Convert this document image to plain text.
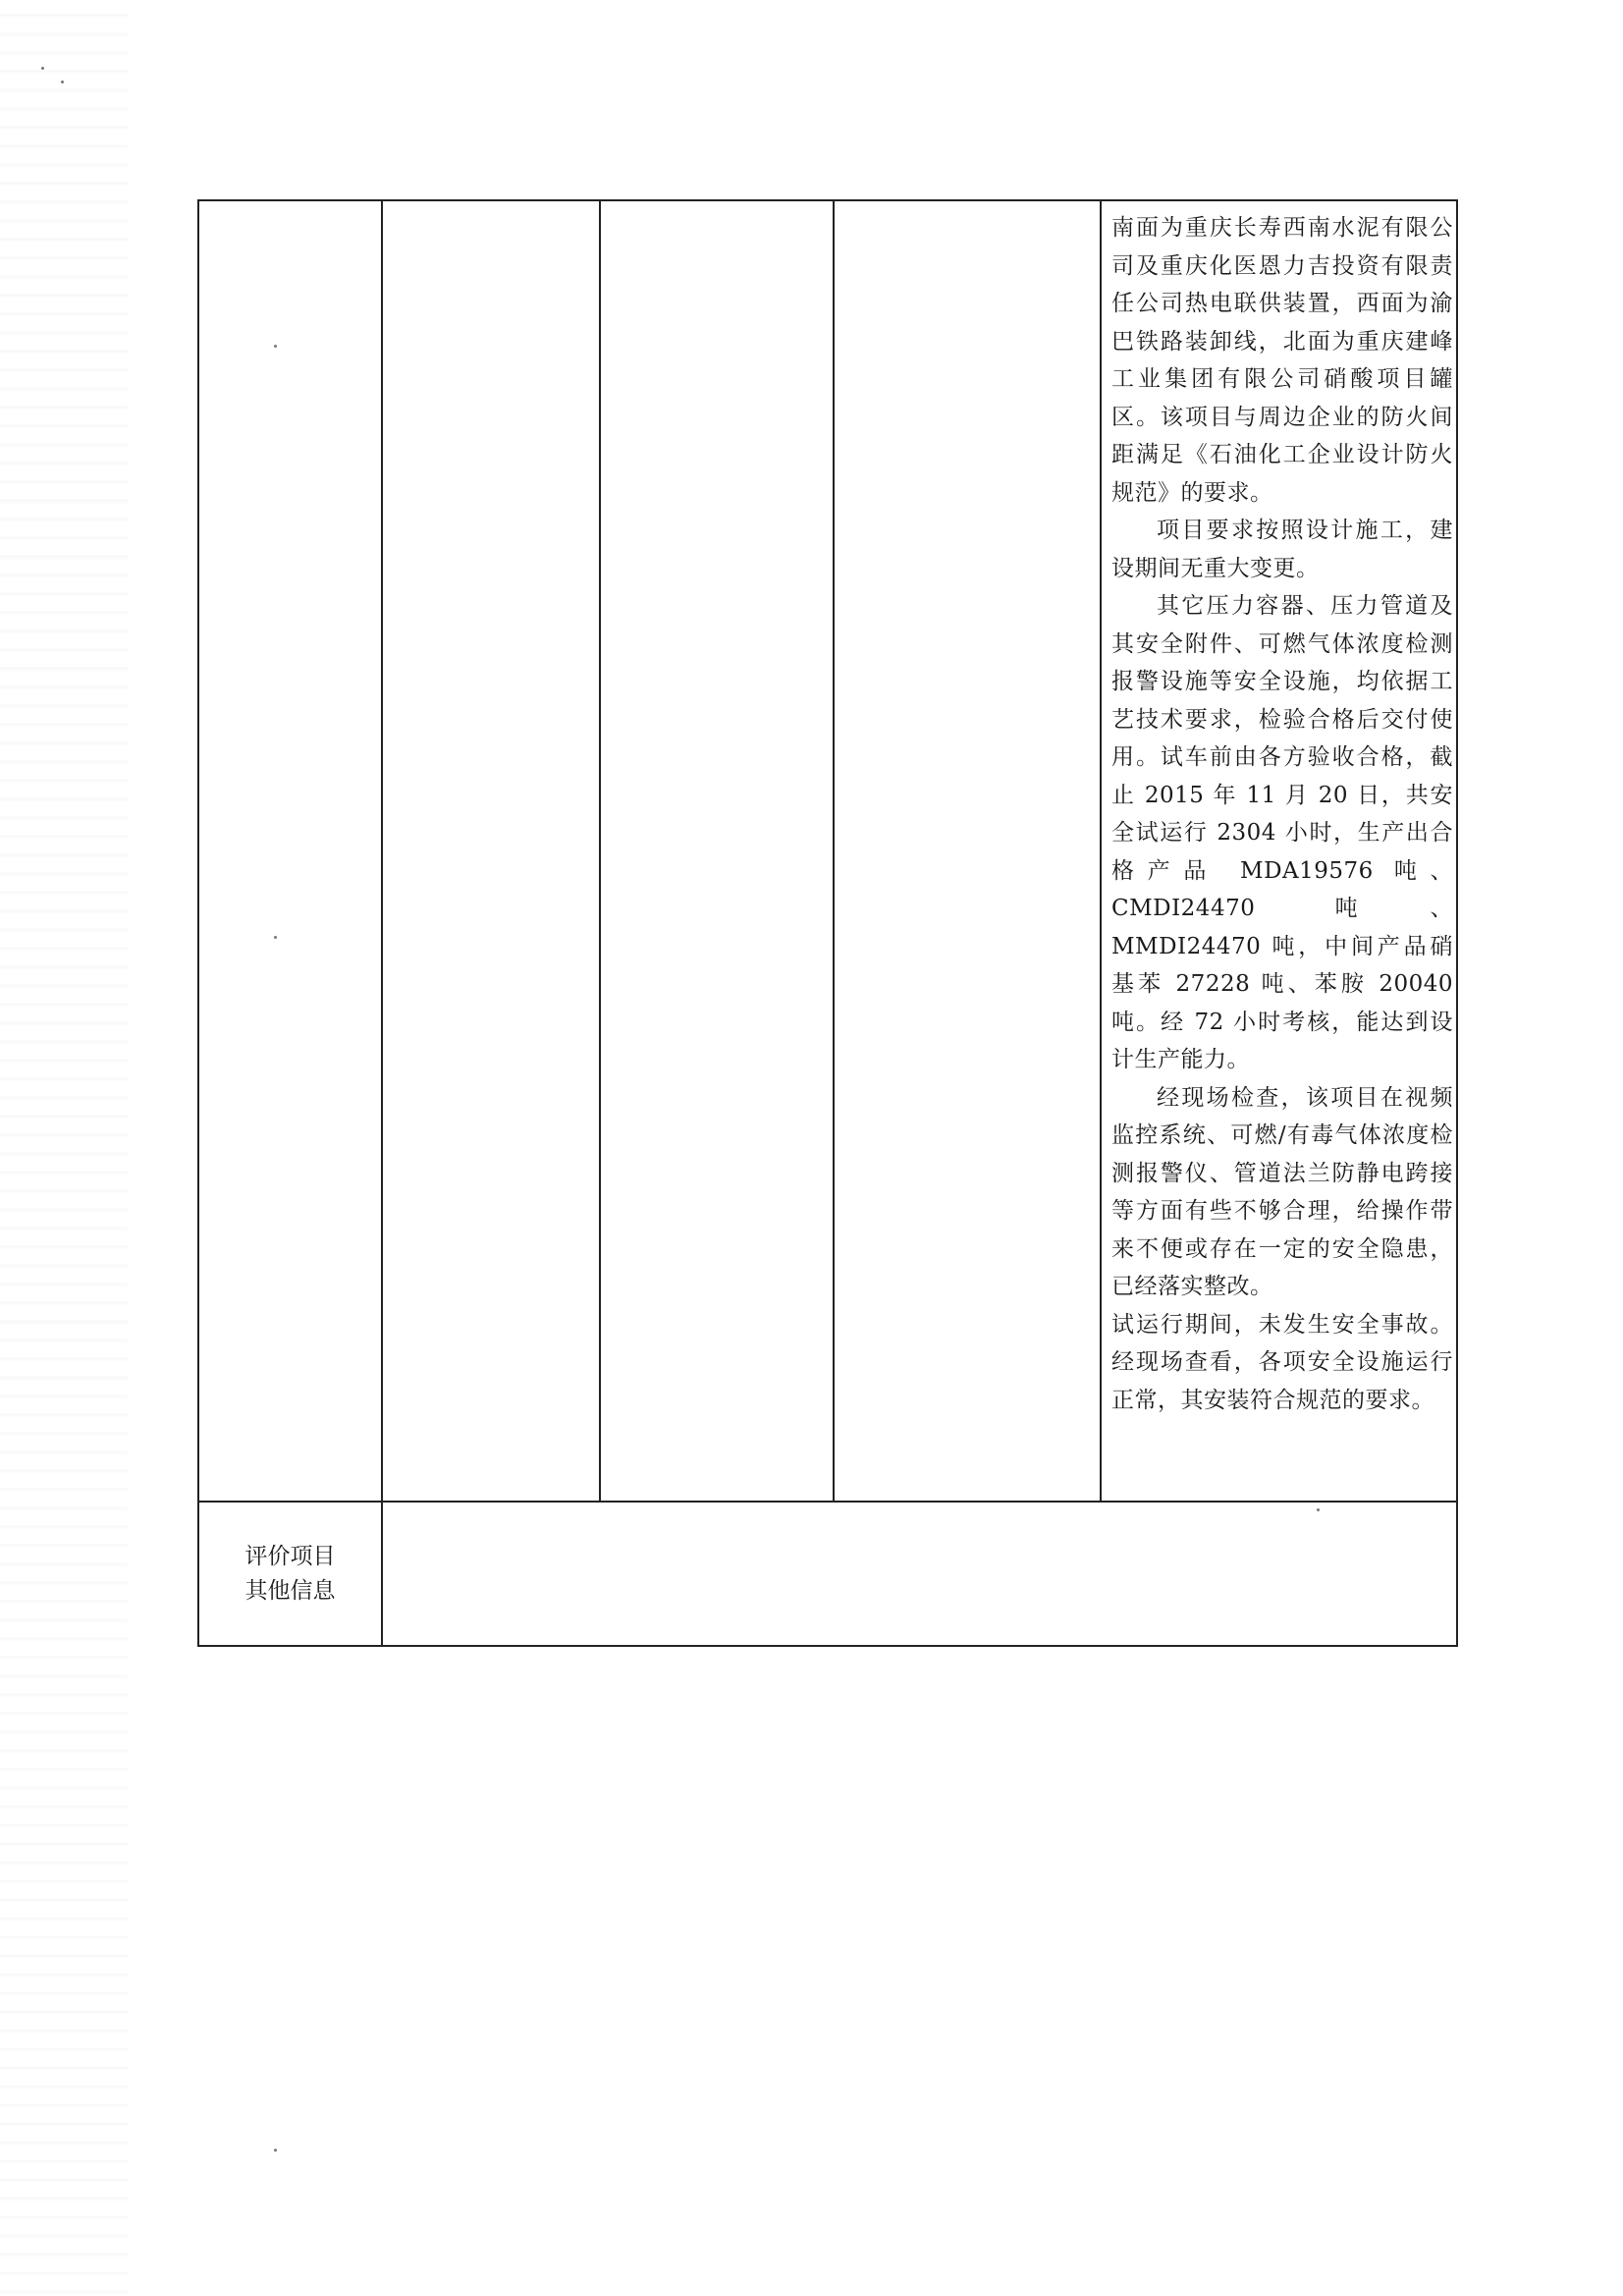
南面为重庆长寿西南水泥有限公司及重庆化医恩力吉投资有限责任公司热电联供装置，西面为渝巴铁路装卸线，北面为重庆建峰工业集团有限公司硝酸项目罐区。该项目与周边企业的防火间距满足《石油化工企业设计防火规范》的要求。

项目要求按照设计施工，建设期间无重大变更。

其它压力容器、压力管道及其安全附件、可燃气体浓度检测报警设施等安全设施，均依据工艺技术要求，检验合格后交付使用。试车前由各方验收合格，截止 2015 年 11 月 20 日，共安全试运行 2304 小时，生产出合格产品 MDA19576 吨、CMDI24470 吨、MMDI24470 吨，中间产品硝基苯 27228 吨、苯胺 20040 吨。经 72 小时考核，能达到设计生产能力。

经现场检查，该项目在视频监控系统、可燃/有毒气体浓度检测报警仪、管道法兰防静电跨接等方面有些不够合理，给操作带来不便或存在一定的安全隐患，已经落实整改。

试运行期间，未发生安全事故。经现场查看，各项安全设施运行正常，其安装符合规范的要求。

评价项目
其他信息
